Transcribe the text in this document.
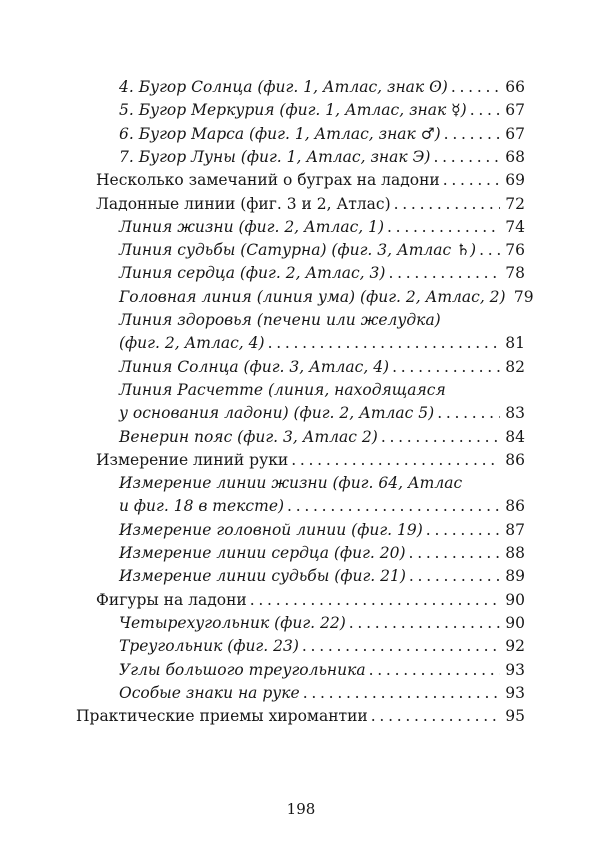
4. Бугор Солнца (фиг. 1, Атлас, знак ʘ) . . .	66
5. Бугор Меркурия (фиг. 1, Атлас, знак ☿) . . . 67
6. Бугор Марса (фиг. 1, Атлас, знак ♂) . . .	67
7. Бугор Луны (фиг. 1, Атлас, знак Э) . . .	68
Несколько замечаний о буграх на ладони . . .	69
Ладонные линии (фиг. 3 и 2, Атлас) . . .	72
Линия жизни (фиг. 2, Атлас, 1) . . .	74
Линия судьбы (Сатурна) (фиг. 3, Атлас ♄) . . . 76
Линия сердца (фиг. 2, Атлас, 3) . . .	78
Головная линия (линия ума) (фиг. 2, Атлас, 2) 79
Линия здоровья (печени или желудка)
(фиг. 2, Атлас, 4) . . .	81
Линия Солнца (фиг. 3, Атлас, 4) . . .	82
Линия Расчетте (линия, находящаяся
у основания ладони) (фиг. 2, Атлас 5) . . .	83
Венерин пояс (фиг. 3, Атлас 2) . . .	84
Измерение линий руки . . .	86
Измерение линии жизни (фиг. 64, Атлас
и фиг. 18 в тексте) . . .	86
Измерение головной линии (фиг. 19) . . .	87
Измерение линии сердца (фиг. 20) . . .	88
Измерение линии судьбы (фиг. 21) . . .	89
Фигуры на ладони . . .	90
Четырехугольник (фиг. 22) . . .	90
Треугольник (фиг. 23) . . .	92
Углы большого треугольника . . .	93
Особые знаки на руке . . .	93
Практические приемы хиромантии . . .	95
198
